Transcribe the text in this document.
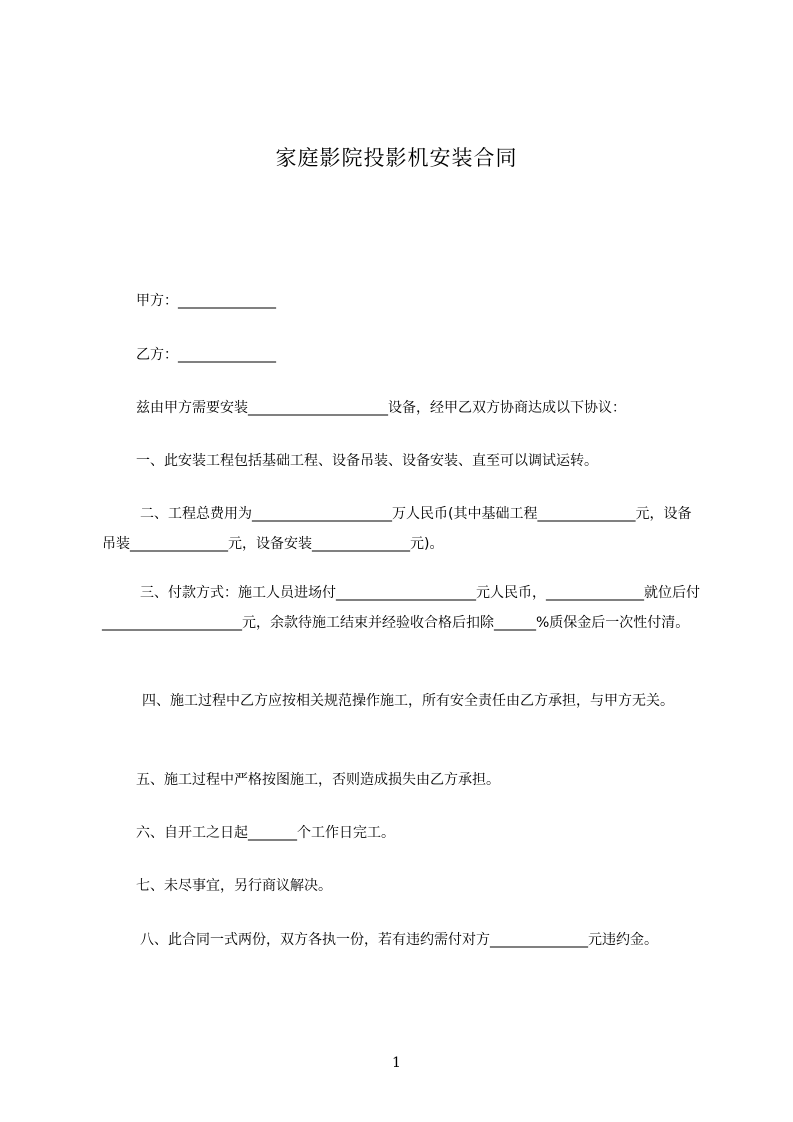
家庭影院投影机安装合同

甲方：______________

乙方：______________

兹由甲方需要安装____________________设备，经甲乙双方协商达成以下协议：

一、此安装工程包括基础工程、设备吊装、设备安装、直至可以调试运转。

二、工程总费用为____________________万人民币(其中基础工程______________元，设备吊装______________元，设备安装______________元)。

三、付款方式：施工人员进场付____________________元人民币，______________就位后付____________________元，余款待施工结束并经验收合格后扣除______%质保金后一次性付清。

四、施工过程中乙方应按相关规范操作施工，所有安全责任由乙方承担，与甲方无关。

五、施工过程中严格按图施工，否则造成损失由乙方承担。

六、自开工之日起_______个工作日完工。

七、未尽事宜，另行商议解决。

八、此合同一式两份，双方各执一份，若有违约需付对方______________元违约金。

1
